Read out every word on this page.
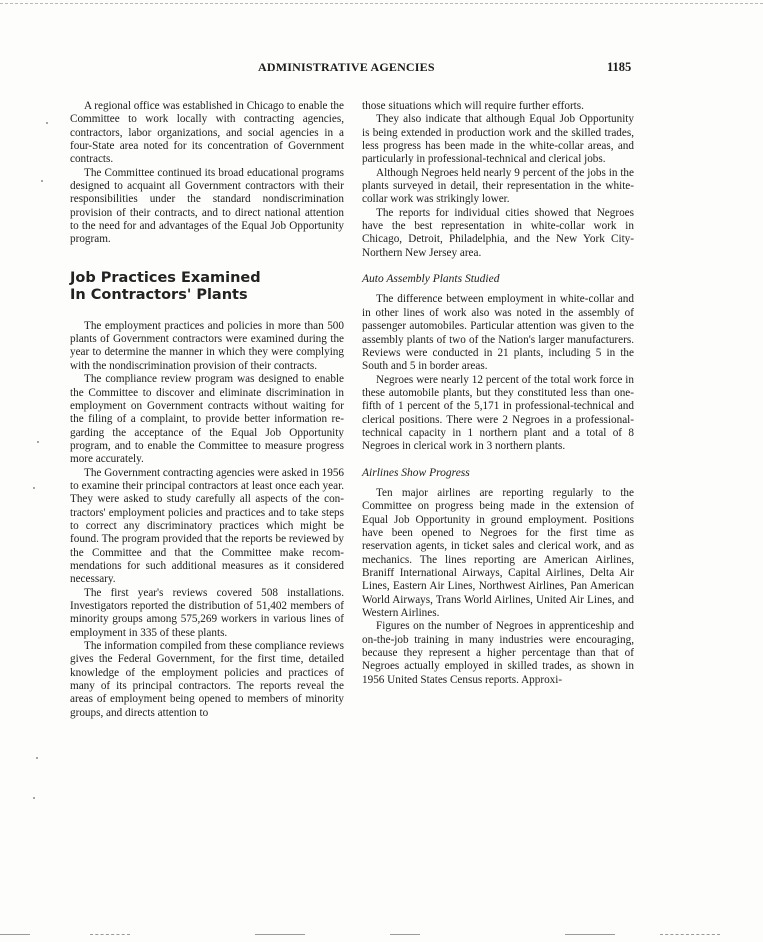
ADMINISTRATIVE AGENCIES	1185

A regional office was established in Chicago to enable the Committee to work locally with contracting agencies, contractors, labor organizations, and social agencies in a four-State area noted for its concentration of Government contracts.

The Committee continued its broad educational programs designed to acquaint all Government contractors with their responsibilities under the standard nondiscrimination provision of their contracts, and to direct national attention to the need for and advantages of the Equal Job Opportunity program.

Job Practices Examined
In Contractors' Plants

The employment practices and policies in more than 500 plants of Government contractors were examined during the year to determine the manner in which they were complying with the nondiscrimination provision of their contracts.

The compliance review program was designed to enable the Committee to discover and eliminate discrimination in employment on Government contracts without waiting for the filing of a complaint, to provide better information regarding the acceptance of the Equal Job Opportunity program, and to enable the Committee to measure progress more accurately.

The Government contracting agencies were asked in 1956 to examine their principal contractors at least once each year. They were asked to study carefully all aspects of the contractors' employment policies and practices and to take steps to correct any discriminatory practices which might be found. The program provided that the reports be reviewed by the Committee and that the Committee make recommendations for such additional measures as it considered necessary.

The first year's reviews covered 508 installations. Investigators reported the distribution of 51,402 members of minority groups among 575,269 workers in various lines of employment in 335 of these plants.

The information compiled from these compliance reviews gives the Federal Government, for the first time, detailed knowledge of the employment policies and practices of many of its principal contractors. The reports reveal the areas of employment being opened to members of minority groups, and directs attention to

those situations which will require further efforts.

They also indicate that although Equal Job Opportunity is being extended in production work and the skilled trades, less progress has been made in the white-collar areas, and particularly in professional-technical and clerical jobs.

Although Negroes held nearly 9 percent of the jobs in the plants surveyed in detail, their representation in the white-collar work was strikingly lower.

The reports for individual cities showed that Negroes have the best representation in white-collar work in Chicago, Detroit, Philadelphia, and the New York City-Northern New Jersey area.

Auto Assembly Plants Studied

The difference between employment in white-collar and in other lines of work also was noted in the assembly of passenger automobiles. Particular attention was given to the assembly plants of two of the Nation's larger manufacturers. Reviews were conducted in 21 plants, including 5 in the South and 5 in border areas.

Negroes were nearly 12 percent of the total work force in these automobile plants, but they constituted less than one-fifth of 1 percent of the 5,171 in professional-technical and clerical positions. There were 2 Negroes in a professional-technical capacity in 1 northern plant and a total of 8 Negroes in clerical work in 3 northern plants.

Airlines Show Progress

Ten major airlines are reporting regularly to the Committee on progress being made in the extension of Equal Job Opportunity in ground employment. Positions have been opened to Negroes for the first time as reservation agents, in ticket sales and clerical work, and as mechanics. The lines reporting are American Airlines, Braniff International Airways, Capital Airlines, Delta Air Lines, Eastern Air Lines, Northwest Airlines, Pan American World Airways, Trans World Airlines, United Air Lines, and Western Airlines.

Figures on the number of Negroes in apprenticeship and on-the-job training in many industries were encouraging, because they represent a higher percentage than that of Negroes actually employed in skilled trades, as shown in 1956 United States Census reports. Approxi-
